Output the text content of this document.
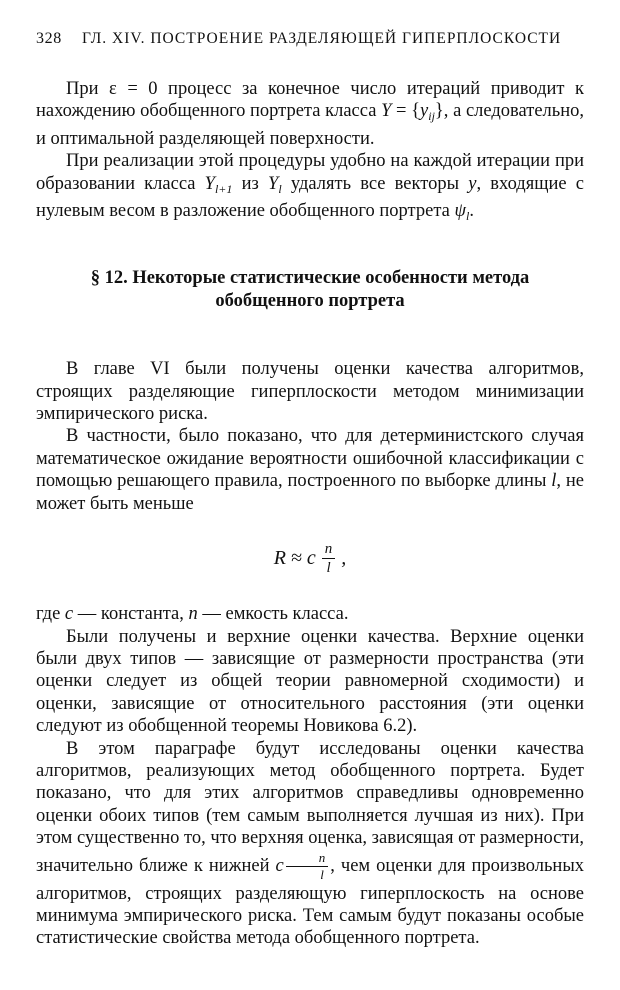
328	ГЛ. XIV. ПОСТРОЕНИЕ РАЗДЕЛЯЮЩЕЙ ГИПЕРПЛОСКОСТИ

При ε = 0 процесс за конечное число итераций приводит к нахождению обобщенного портрета класса $Y = \{y_{ij}\}$, а следовательно, и оптимальной разделяющей поверхности.

При реализации этой процедуры удобно на каждой итерации при образовании класса $Y_{l+1}$ из $Y_l$ удалять все векторы y, входящие с нулевым весом в разложение обобщенного портрета $\psi_l$.

§ 12. Некоторые статистические особенности метода
обобщенного портрета

В главе VI были получены оценки качества алгоритмов, строящих разделяющие гиперплоскости методом минимизации эмпирического риска.

В частности, было показано, что для детерминистского случая математическое ожидание вероятности ошибочной классификации с помощью решающего правила, построенного по выборке длины l, не может быть меньше

R ≈ c $\frac{n}{l}$ ,

где c — константа, n — емкость класса.

Были получены и верхние оценки качества. Верхние оценки были двух типов — зависящие от размерности пространства (эти оценки следует из общей теории равномерной сходимости) и оценки, зависящие от относительного расстояния (эти оценки следуют из обобщенной теоремы Новикова 6.2).

В этом параграфе будут исследованы оценки качества алгоритмов, реализующих метод обобщенного портрета. Будет показано, что для этих алгоритмов справедливы одновременно оценки обоих типов (тем самым выполняется лучшая из них). При этом существенно то, что верхняя оценка, зависящая от размерности, значительно ближе к нижней c $\frac{n}{l}$ , чем оценки для произвольных алгоритмов, строящих разделяющую гиперплоскость на основе минимума эмпирического риска. Тем самым будут показаны особые статистические свойства метода обобщенного портрета.
